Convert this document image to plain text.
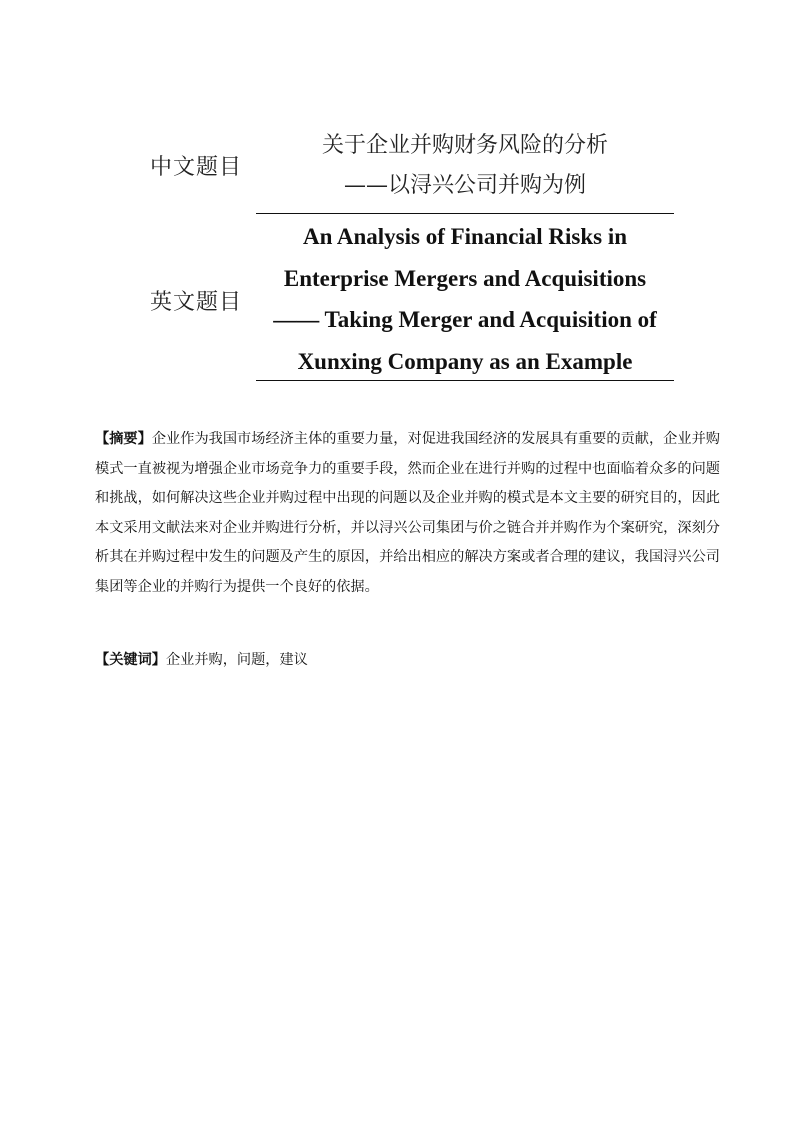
中文题目
关于企业并购财务风险的分析
——以浔兴公司并购为例
英文题目
An Analysis of Financial Risks in
Enterprise Mergers and Acquisitions
—— Taking Merger and Acquisition of
Xunxing Company as an Example
【摘要】企业作为我国市场经济主体的重要力量，对促进我国经济的发展具有重要的贡献，企业并购模式一直被视为增强企业市场竞争力的重要手段，然而企业在进行并购的过程中也面临着众多的问题和挑战，如何解决这些企业并购过程中出现的问题以及企业并购的模式是本文主要的研究目的，因此本文采用文献法来对企业并购进行分析，并以浔兴公司集团与价之链合并并购作为个案研究，深刻分析其在并购过程中发生的问题及产生的原因，并给出相应的解决方案或者合理的建议，我国浔兴公司集团等企业的并购行为提供一个良好的依据。
【关键词】企业并购，问题，建议
